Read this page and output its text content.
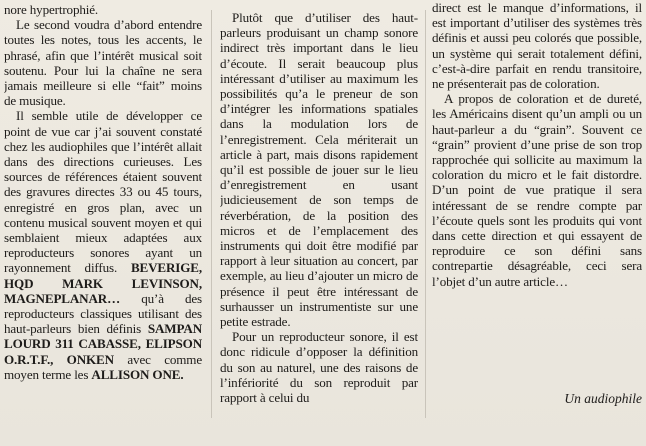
nore hypertrophié.

Le second voudra d’abord entendre toutes les notes, tous les accents, le phrasé, afin que l’intérêt musical soit soutenu. Pour lui la chaîne ne sera jamais meilleure si elle “fait” moins de musique.

Il semble utile de développer ce point de vue car j’ai souvent constaté chez les audiophiles que l’intérêt allait dans des directions curieuses. Les sources de références étaient souvent des gravures directes 33 ou 45 tours, enregistré en gros plan, avec un contenu musical souvent moyen et qui semblaient mieux adaptées aux reproducteurs sonores ayant un rayonnement diffus. BEVERIGE, HQD MARK LEVINSON, MAGNEPLANAR… qu’à des reproducteurs classiques utilisant des haut-parleurs bien définis SAMPAN LOURD 311 CABASSE, ELIPSON O.R.T.F., ONKEN avec comme moyen terme les ALLISON ONE.

Plutôt que d’utiliser des haut-parleurs produisant un champ sonore indirect très important dans le lieu d’écoute. Il serait beaucoup plus intéressant d’utiliser au maximum les possibilités qu’a le preneur de son d’intégrer les informations spatiales dans la modulation lors de l’enregistrement. Cela mériterait un article à part, mais disons rapidement qu’il est possible de jouer sur le lieu d’enregistrement en usant judicieusement de son temps de réverbération, de la position des micros et de l’emplacement des instruments qui doit être modifié par rapport à leur situation au concert, par exemple, au lieu d’ajouter un micro de présence il peut être intéressant de surhausser un instrumentiste sur une petite estrade.

Pour un reproducteur sonore, il est donc ridicule d’opposer la définition du son au naturel, une des raisons de l’infériorité du son reproduit par rapport à celui du

direct est le manque d’informations, il est important d’utiliser des systèmes très définis et aussi peu colorés que possible, un système qui serait totalement défini, c’est-à-dire parfait en rendu transitoire, ne présenterait pas de coloration.

A propos de coloration et de dureté, les Américains disent qu’un ampli ou un haut-parleur a du “grain”. Souvent ce “grain” provient d’une prise de son trop rapprochée qui sollicite au maximum la coloration du micro et le fait distordre. D’un point de vue pratique il sera intéressant de se rendre compte par l’écoute quels sont les produits qui vont dans cette direction et qui essayent de reproduire ce son défini sans contrepartie désagréable, ceci sera l’objet d’un autre article…

Un audiophile
